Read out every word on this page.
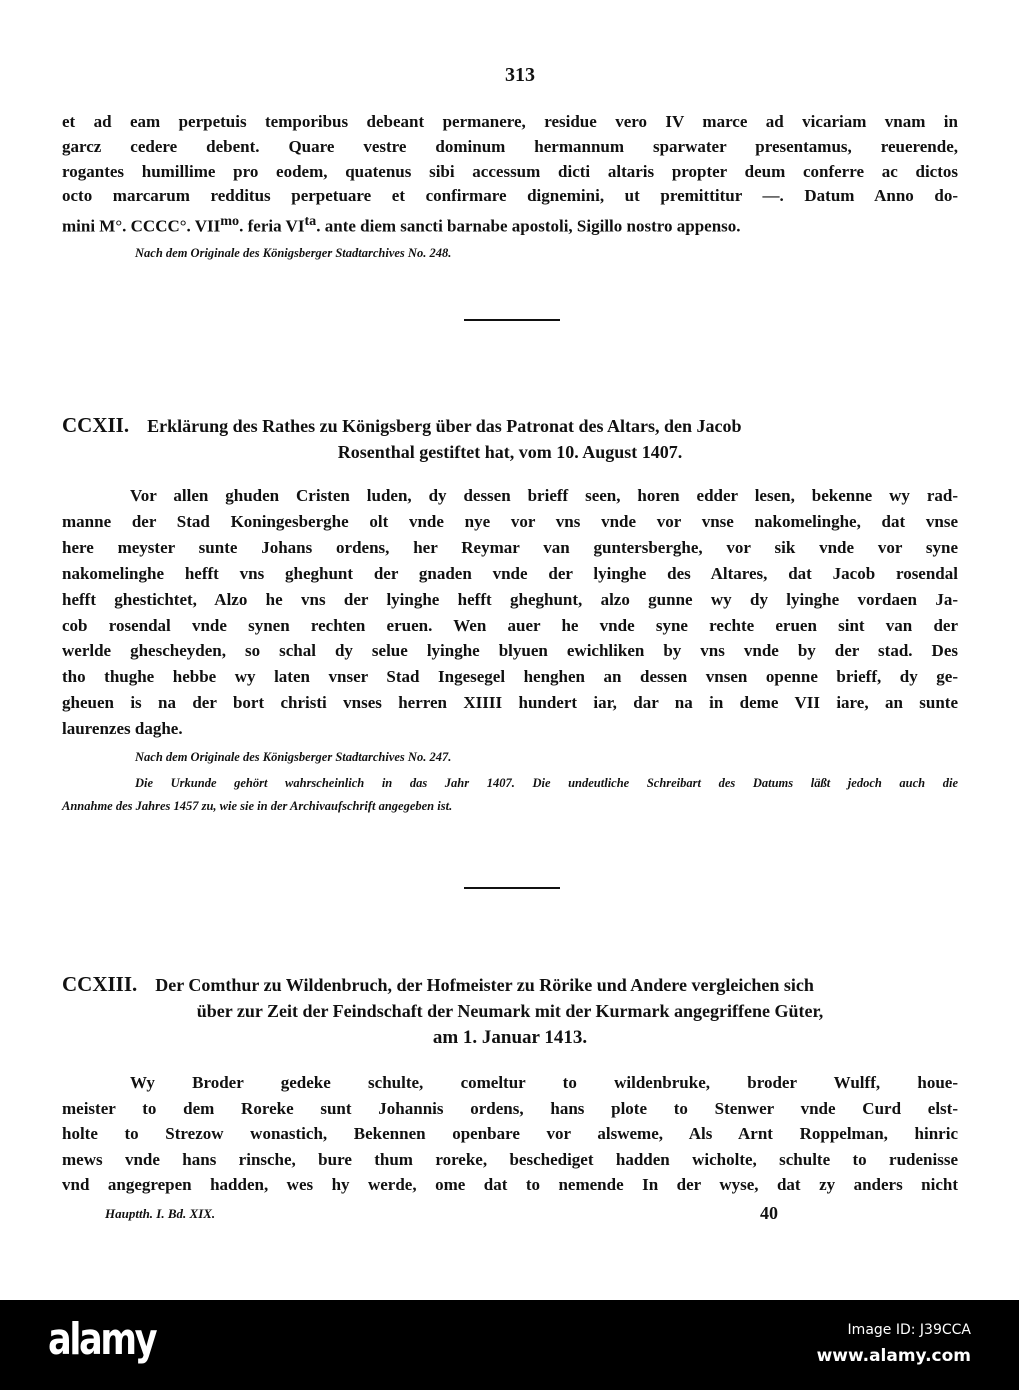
313
et ad eam perpetuis temporibus debeant permanere, residue vero IV marce ad vicariam vnam in
garcz cedere debent. Quare vestre dominum hermannum sparwater presentamus, reuerende,
rogantes humillime pro eodem, quatenus sibi accessum dicti altaris propter deum conferre ac dictos
octo marcarum redditus perpetuare et confirmare dignemini, ut premittitur —. Datum Anno do-
mini M°. CCCC°. $VII^{mo}$. feria $VI^{ta}$. ante diem sancti barnabe apostoli, Sigillo nostro appenso.
Nach dem Originale des Königsberger Stadtarchives No. 248.
CCXII. Erklärung des Rathes zu Königsberg über das Patronat des Altars, den Jacob
Rosenthal gestiftet hat, vom 10. August 1407.
Vor allen ghuden Cristen luden, dy dessen brieff seen, horen edder lesen, bekenne wy rad-
manne der Stad Koningesberghe olt vnde nye vor vns vnde vor vnse nakomelinghe, dat vnse
here meyster sunte Johans ordens, her Reymar van guntersberghe, vor sik vnde vor syne
nakomelinghe hefft vns gheghunt der gnaden vnde der lyinghe des Altares, dat Jacob rosendal
hefft ghestichtet, Alzo he vns der lyinghe hefft gheghunt, alzo gunne wy dy lyinghe vordaen Ja-
cob rosendal vnde synen rechten eruen. Wen auer he vnde syne rechte eruen sint van der
werlde ghescheyden, so schal dy selue lyinghe blyuen ewichliken by vns vnde by der stad. Des
tho thughe hebbe wy laten vnser Stad Ingesegel henghen an dessen vnsen openne brieff, dy ge-
gheuen is na der bort christi vnses herren XIIII hundert iar, dar na in deme VII iare, an sunte
laurenzes daghe.
Nach dem Originale des Königsberger Stadtarchives No. 247.
Die Urkunde gehört wahrscheinlich in das Jahr 1407. Die undeutliche Schreibart des Datums läßt jedoch auch die
Annahme des Jahres 1457 zu, wie sie in der Archivaufschrift angegeben ist.
CCXIII. Der Comthur zu Wildenbruch, der Hofmeister zu Rörike und Andere vergleichen sich
über zur Zeit der Feindschaft der Neumark mit der Kurmark angegriffene Güter,
am 1. Januar 1413.
Wy Broder gedeke schulte, comeltur to wildenbruke, broder Wulff, houe-
meister to dem Roreke sunt Johannis ordens, hans plote to Stenwer vnde Curd elst-
holte to Strezow wonastich, Bekennen openbare vor alsweme, Als Arnt Roppelman, hinric
mews vnde hans rinsche, bure thum roreke, beschediget hadden wicholte, schulte to rudenisse
vnd angegrepen hadden, wes hy werde, ome dat to nemende In der wyse, dat zy anders nicht
Hauptth. I. Bd. XIX.	40
alamy	Image ID: J39CCA
www.alamy.com
